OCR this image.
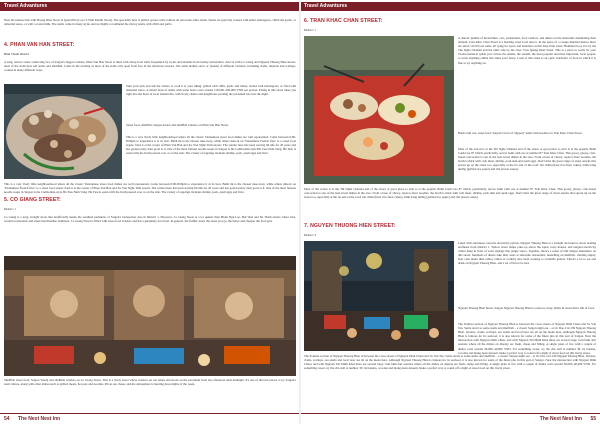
Travel Advantures
Near the intersection with Hoang Dieu Street in Quan Bốn (Cau 13 Vinh Khanh Street). The speciality here is grilled oysters with scallion oil and some other snails. Snails are typically cooked with either lemongrass, chilli and garlic, or tamarind sauce, or with coconut milk. The snails come in many styles and we highly recommend the chewy snails with chilli and garlic.
4. PHAN VAN HAN STREET:
Binh Thanh District
A long, narrow street connecting two of Saigon's biggest arteries, Phan Van Han Street is lined with cheap food stalls frequented by locals and students from nearby universities. And as with Co Giang and Nguyen Thuong Hien streets, most of the stalls here sell snails and shellfish. Come in the evening as most of the stalls only open from five in the afternoon onward. The stalls mainly serve oc (snails) of different varieties, including clams, mussels and scallops, cooked in many different ways.
Take your pick and ask the vendor to cook it to your liking: grilled with chilli, garlic and butter, boiled with lemongrass, or fried with tamarind sauce. A mixed feast of snails with some beers costs around 150,000–200,000 VND per person. Eating in this street takes you right into the heart of local student life, with lively chatter and neighbours packing the pavement late into the night.
Street food, shellfish, Saigon Avatar and shellfish vendors on Phan Van Han Street.
This is a very lively little neighbourhood where all the classic Vietnamese street food dishes are well represented. Come between 6:00-8:00pm to experience it at its best. Bánh mì is the chosen take-away, while others dine-in on 'Vietnamese French fries' to a street food staple: fried it at the corner of Phan Van Han and Xo Viet Nghe Tinh streets. The vendor here has been serving hủ tiếu for 20 years and has gotten pretty darn good at it. One of the most famous noodle soups in Saigon is the Cambodian-style Hu Tieu Nam Vang. Hu Tieu is eaten with the broth poured over or on the side. The variety of toppings includes shrimp, pork, quail eggs and liver.
This is a very lively little neighbourhood where all the classic Vietnamese street food dishes are well represented. Come between 6:00-8:00pm to experience it at its best. Bánh mì is the chosen take-away, while others dine-in on 'Vietnamese French fries' to a street food staple: fried it at the corner of Phan Van Han and Xo Viet Nghe Tinh streets. The vendor here has been serving hủ tiếu for 20 years and has gotten pretty darn good at it. One of the most famous noodle soups in Saigon is the Cambodian-style Hu Tieu Nam Vang. Hu Tieu is eaten with the broth poured over or on the side. The variety of toppings includes shrimp, pork, quail eggs and liver.
5. CO GIANG STREET:
District 1
Co Giang is a long, straight street that unofficially marks the southern perimeter of Saigon's backpacker area in District 1. However, Co Giang Street is a lot quieter than Pham Ngu Lao, Bui Vien and De Tham streets where bars, western restaurants and street merchandise dominate. Co Giang Street is filled with street food vendors and has a genuinely local feel. In general, the further down the street you go, the better and cheaper the food gets.
Shellfish street food, Saigon Young and shellfish vendors on Co Giang Street. This is a lively street where vendors set out tables and stools on the pavement from late afternoon until midnight. It's one of the best places to try Saigon's snail culture, along with other dishes such as grilled meats, hot pots and noodles. Prices are cheap, and the atmosphere is buzzing most nights of the week.
54 The Next Nest Inn
Travel Advantures
6. TRAN KHAC CHAN STREET:
District 1
A chaotic jumble of motorbikes, cars, pedestrians, food vendors, and diners on the sidewalks dominating their domain, Tran Khac Chan Street is a bustling street food mecca. In the space of a couple hundred metres there are about 10-50 food stalls, all vying for space and attention on this busy little street. Hemmed in as it is by the The Ngha Channel and the other side by the river. Tran Quang Khai Street. This is a place to really let your 'foodie-instincts' guide you: follow the smells, the sounds, the most popular and most important, local people, to work anything edible that takes your fancy. Look of this street is an open 'wardrobe' of food in which it is fine to try anything on.
Banh canh cua, street food, Saigon's bowl of 'slippery' banh canh noodles on Tran Khac Chan Street.
Most of the action is at the Thi Nghe Channel end of the street. A good place to start is at the popular Banh Canh Cua 87 which, predictably, serves banh canh cua at number 87 Tran Khac Chan. This gooey, glossy, crab-based concoction is one of the best-loved dishes in the area. From a base of chewy, tapioca-flour noodles, the broth is thick with crab meat, shrimp, pork skin and quail eggs. Don't miss the great range of street snacks that sprout up on the street too, especially at the far end of the road: bột chiên (fried rice-flour cakes), bánh tráng nướng (grilled rice paper) and chè (sweet soups).
Most of the action is at the Thi Nghe Channel end of the street. A good place to start is at the popular Banh Canh Cua 87 which, predictably, serves banh canh cua at number 87 Tran Khac Chan. This gooey, glossy, crab-based concoction is one of the best-loved dishes in the area. From a base of chewy, tapioca-flour noodles, the broth is thick with crab meat, shrimp, pork skin and quail eggs. Don't miss the great range of street snacks that sprout up on the street too, especially at the far end of the road: bột chiên (fried rice-flour cakes), bánh tráng nướng (grilled rice paper) and chè (sweet soups).
7. NGUYEN THUONG HIEN STREET:
District 3
Lined with enormous concrete electricity pylons, Nguyen Thuong Hien is a straight and narrow street leading northeast from District 1. Yellow street lamps poke up above the squat, boxy houses, and tangled electricity cables hang in front of worn signage that jangle views. Together, there's a sense of Old Saigon abundance on this street: hundreds of diners take their seats at sidewalk restaurants, munching on shellfish, chatting amply, beer cans under their tables, tables of scrubby and clean cooking to scramble guitars. There's a lot to eat and drink on Nguyen Thuong Hien, and a lot of fun to be had.
Nguyen Thuong Hien Street, Saigon Nguyen Thuong Hien is a narrow, busy, dimly lit street that's full of food.
The liveliest section of Nguyen Thuong Hien is between the cross streets of Nguyen Dinh Chieu and Vo Van Tan. Settle down to some snails and shellfish – a classic Saigon night out – at Oc Dao 212-239 Nguyen Thuong Hien. Oysters, clams, scallops, sea snails and local beer are all on the menu here. Although Nguyen Thuong Hien is famous for its seafood, it is also known for some of the finest pho in this part of Saigon. Near the intersection with Nguyen Dinh Chieu, and with Nguyen Thi Minh Khai there are several large 'com binh dan' eateries where all the dishes on display are fresh, cheap and filling. A single plate of rice with a couple of dishes costs around 30,000–40,000 VND. For something sweet, try the chè stall at number 30: its banana, coconut and mung-bean desserts make a perfect way to round off a night of street food on this lively street.
The liveliest section of Nguyen Thuong Hien is between the cross streets of Nguyen Dinh Chieu and Vo Van Tan. Settle down to some snails and shellfish – a classic Saigon night out – at Oc Dao 212-239 Nguyen Thuong Hien. Oysters, clams, scallops, sea snails and local beer are all on the menu here. Although Nguyen Thuong Hien is famous for its seafood, it is also known for some of the finest pho in this part of Saigon. Near the intersection with Nguyen Dinh Chieu, and with Nguyen Thi Minh Khai there are several large 'com binh dan' eateries where all the dishes on display are fresh, cheap and filling. A single plate of rice with a couple of dishes costs around 30,000–40,000 VND. For something sweet, try the chè stall at number 30: its banana, coconut and mung-bean desserts make a perfect way to round off a night of street food on this lively street.
The Next Nest Inn 55
